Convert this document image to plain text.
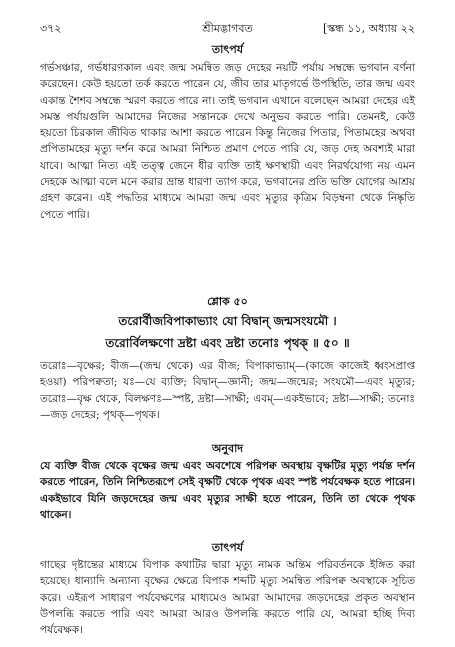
৩৭২	শ্রীমদ্ভাগবত	[স্কন্ধ ১১, অধ্যায় ২২
তাৎপর্য

গর্ভসঞ্চার, গর্ভধারণকাল এবং জন্ম সমন্বিত জড় দেহের নয়টি পর্যায় সম্বন্ধে ভগবান বর্ণনা করেছেন। কেউ হয়তো তর্ক করতে পারেন যে, জীব তার মাতৃগর্ভে উপস্থিতি, তার জন্ম এবং একান্ত শৈশব সম্বন্ধে স্মরণ করতে পারে না। তাই ভগবান এখানে বলেছেন আমরা দেহের এই সমস্ত পর্যায়গুলি আমাদের নিজের সন্তানকে দেখে অনুভব করতে পারি। তেমনই, কেউ হয়তো চিরকাল জীবিত থাকার আশা করতে পারেন কিন্তু নিজের পিতার, পিতামহের অথবা প্রপিতামহের মৃত্যু দর্শন করে আমরা নিশ্চিত প্রমাণ পেতে পারি যে, জড় দেহ অবশ্যই মারা যাবে। আত্মা নিত্য এই তত্ত্ব জেনে ধীর ব্যক্তি তাই ক্ষণস্থায়ী এবং নিরর্থযোগ্য নয় এমন দেহকে আত্মা বলে মনে করার ভ্রান্ত ধারণা ত্যাগ করে, ভগবানের প্রতি ভক্তি যোগের আশ্রয় গ্রহণ করেন। এই পদ্ধতির মাধ্যমে আমরা জন্ম এবং মৃত্যুর কৃত্রিম বিড়ম্বনা থেকে নিষ্কৃতি পেতে পারি।

শ্লোক ৫০
তরোর্বীজবিপাকাভ্যাং যো বিদ্বান্ জন্মসংযমৌ ।
তরোর্বিলক্ষণো দ্রষ্টা এবং দ্রষ্টা তনোঃ পৃথক্ ॥ ৫০ ॥

তরোঃ—বৃক্ষের; বীজ—(জন্ম থেকে) এর বীজ; বিপাকাভ্যাম্—(কাজে কাজেই ধ্বংসপ্রাপ্ত হওয়া) পরিপক্বতা; যঃ—যে ব্যক্তি; বিদ্বান্—জ্ঞানী; জন্ম—জন্মের; সংযমৌ—এবং মৃত্যুর; তরোঃ—বৃক্ষ থেকে, বিলক্ষণঃ—স্পষ্ট, দ্রষ্টা—সাক্ষী; এবম্—একইভাবে; দ্রষ্টা—সাক্ষী; তনোঃ—জড় দেহের; পৃথক্—পৃথক।

অনুবাদ

যে ব্যক্তি বীজ থেকে বৃক্ষের জন্ম এবং অবশেষে পরিপক্ব অবস্থায় বৃক্ষটির মৃত্যু পর্যন্ত দর্শন করতে পারেন, তিনি নিশ্চিতরূপে সেই বৃক্ষটি থেকে পৃথক এবং স্পষ্ট পর্যবেক্ষক হতে পারেন। একইভাবে যিনি জড়দেহের জন্ম এবং মৃত্যুর সাক্ষী হতে পারেন, তিনি তা থেকে পৃথক থাকেন।

তাৎপর্য

গাছের দৃষ্টান্তের মাধ্যমে বিপাক কথাটির দ্বারা মৃত্যু নামক অন্তিম পরিবর্তনকে ইঙ্গিত করা হয়েছে। ধান্যাদি অন্যান্য বৃক্ষের ক্ষেত্রে বিপাক শব্দটি মৃত্যু সমন্বিত পরিপক্ব অবস্থাকে সূচিত করে। এইরূপ সাধারণ পর্যবেক্ষণের মাধ্যমেও আমরা আমাদের জড়দেহের প্রকৃত অবস্থান উপলব্ধি করতে পারি এবং আমরা আরও উপলব্ধি করতে পারি যে, আমরা হচ্ছি দিব্য পর্যবেক্ষক।
